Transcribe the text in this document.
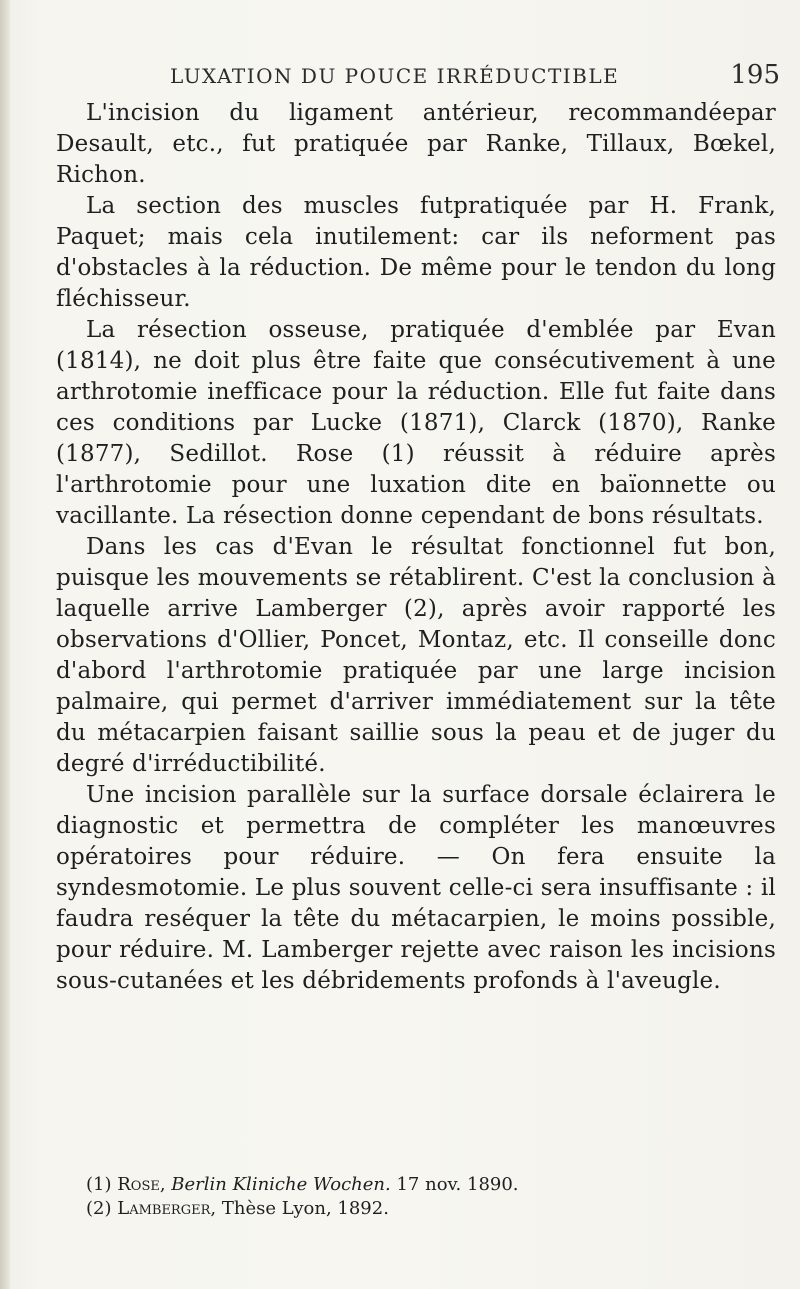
LUXATION DU POUCE IRRÉDUCTIBLE	195

L'incision du ligament antérieur, recommandéepar Desault, etc., fut pratiquée par Ranke, Tillaux, Bœkel, Richon.

La section des muscles futpratiquée par H. Frank, Paquet; mais cela inutilement: car ils neforment pas d'obstacles à la réduction. De même pour le tendon du long fléchisseur.

La résection osseuse, pratiquée d'emblée par Evan (1814), ne doit plus être faite que consécutivement à une arthrotomie inefficace pour la réduction. Elle fut faite dans ces conditions par Lucke (1871), Clarck (1870), Ranke (1877), Sedillot. Rose (1) réussit à réduire après l'arthrotomie pour une luxation dite en baïonnette ou vacillante. La résection donne cependant de bons résultats.

Dans les cas d'Evan le résultat fonctionnel fut bon, puisque les mouvements se rétablirent. C'est la conclusion à laquelle arrive Lamberger (2), après avoir rapporté les observations d'Ollier, Poncet, Montaz, etc. Il conseille donc d'abord l'arthrotomie pratiquée par une large incision palmaire, qui permet d'arriver immédiatement sur la tête du métacarpien faisant saillie sous la peau et de juger du degré d'irréductibilité.

Une incision parallèle sur la surface dorsale éclairera le diagnostic et permettra de compléter les manœuvres opératoires pour réduire. — On fera ensuite la syndesmotomie. Le plus souvent celle-ci sera insuffisante : il faudra reséquer la tête du métacarpien, le moins possible, pour réduire. M. Lamberger rejette avec raison les incisions sous-cutanées et les débridements profonds à l'aveugle.

(1) Rose, Berlin Kliniche Wochen. 17 nov. 1890.

(2) Lamberger, Thèse Lyon, 1892.
